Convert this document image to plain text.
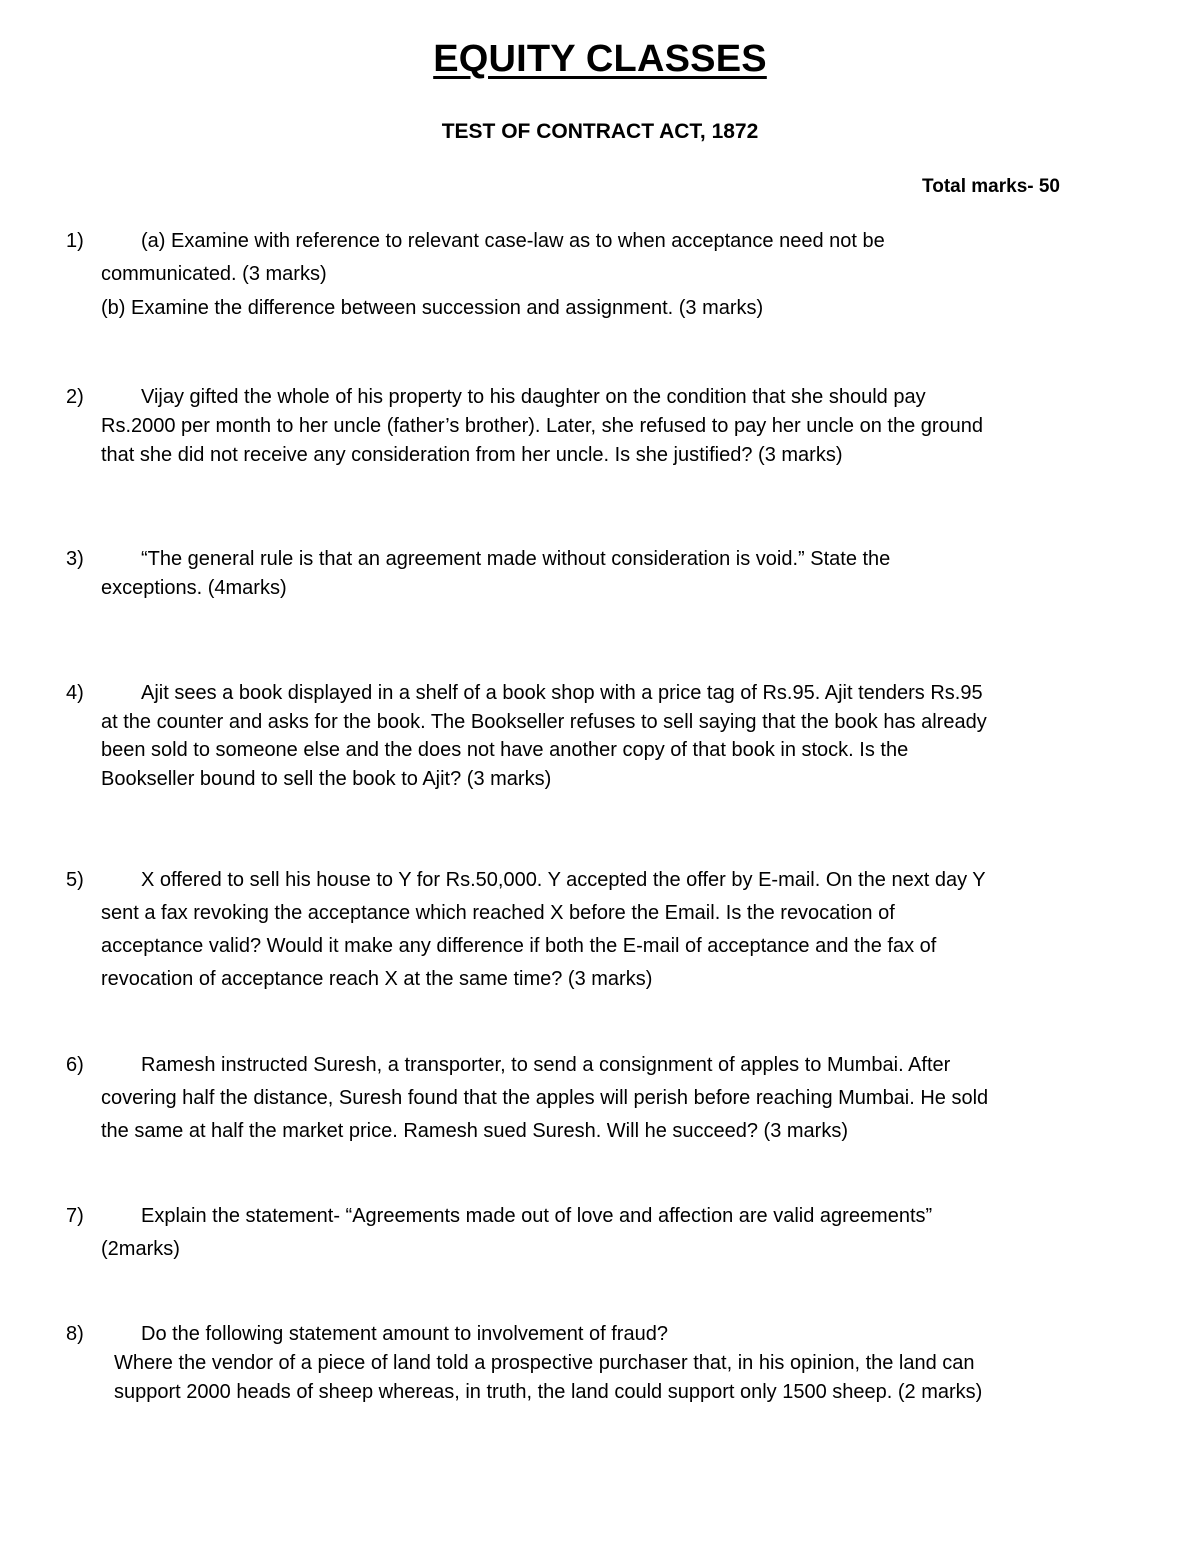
EQUITY CLASSES
TEST OF CONTRACT ACT, 1872
Total marks- 50
1)	(a) Examine with reference to relevant case-law as to when acceptance need not be
communicated. (3 marks)
(b) Examine the difference between succession and assignment. (3 marks)
2)	Vijay gifted the whole of his property to his daughter on the condition that she should pay
Rs.2000 per month to her uncle (father’s brother). Later, she refused to pay her uncle on the ground
that she did not receive any consideration from her uncle. Is she justified? (3 marks)
3)	“The general rule is that an agreement made without consideration is void.” State the
exceptions. (4marks)
4)	Ajit sees a book displayed in a shelf of a book shop with a price tag of Rs.95. Ajit tenders Rs.95
at the counter and asks for the book. The Bookseller refuses to sell saying that the book has already
been sold to someone else and the does not have another copy of that book in stock. Is the
Bookseller bound to sell the book to Ajit? (3 marks)
5)	X offered to sell his house to Y for Rs.50,000. Y accepted the offer by E-mail. On the next day Y
sent a fax revoking the acceptance which reached X before the Email. Is the revocation of
acceptance valid? Would it make any difference if both the E-mail of acceptance and the fax of
revocation of acceptance reach X at the same time? (3 marks)
6)	Ramesh instructed Suresh, a transporter, to send a consignment of apples to Mumbai. After
covering half the distance, Suresh found that the apples will perish before reaching Mumbai. He sold
the same at half the market price. Ramesh sued Suresh. Will he succeed? (3 marks)
7)	Explain the statement- “Agreements made out of love and affection are valid agreements”
(2marks)
8)	Do the following statement amount to involvement of fraud?
Where the vendor of a piece of land told a prospective purchaser that, in his opinion, the land can
support 2000 heads of sheep whereas, in truth, the land could support only 1500 sheep. (2 marks)
